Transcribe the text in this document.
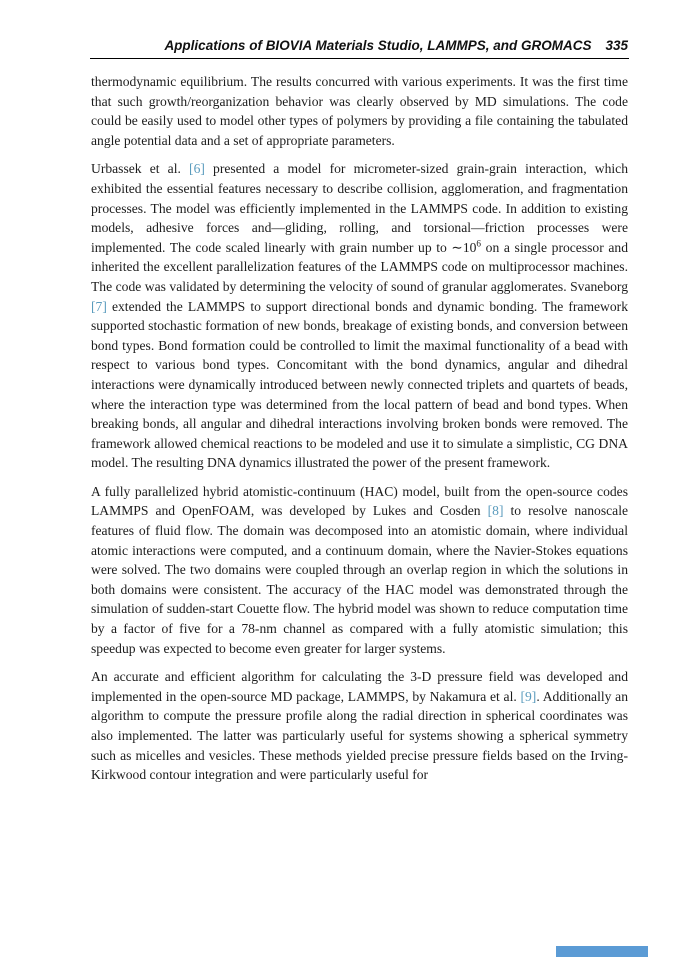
Applications of BIOVIA Materials Studio, LAMMPS, and GROMACS 335

thermodynamic equilibrium. The results concurred with various experiments. It was the first time that such growth/reorganization behavior was clearly observed by MD simulations. The code could be easily used to model other types of polymers by providing a file containing the tabulated angle potential data and a set of appropriate parameters.

Urbassek et al. [6] presented a model for micrometer-sized grain-grain interaction, which exhibited the essential features necessary to describe collision, agglomeration, and fragmentation processes. The model was efficiently implemented in the LAMMPS code. In addition to existing models, adhesive forces and—gliding, rolling, and torsional—friction processes were implemented. The code scaled linearly with grain number up to $\sim 10^6$ on a single processor and inherited the excellent parallelization features of the LAMMPS code on multiprocessor machines. The code was validated by determining the velocity of sound of granular agglomerates. Svaneborg [7] extended the LAMMPS to support directional bonds and dynamic bonding. The framework supported stochastic formation of new bonds, breakage of existing bonds, and conversion between bond types. Bond formation could be controlled to limit the maximal functionality of a bead with respect to various bond types. Concomitant with the bond dynamics, angular and dihedral interactions were dynamically introduced between newly connected triplets and quartets of beads, where the interaction type was determined from the local pattern of bead and bond types. When breaking bonds, all angular and dihedral interactions involving broken bonds were removed. The framework allowed chemical reactions to be modeled and use it to simulate a simplistic, CG DNA model. The resulting DNA dynamics illustrated the power of the present framework.

A fully parallelized hybrid atomistic-continuum (HAC) model, built from the open-source codes LAMMPS and OpenFOAM, was developed by Lukes and Cosden [8] to resolve nanoscale features of fluid flow. The domain was decomposed into an atomistic domain, where individual atomic interactions were computed, and a continuum domain, where the Navier-Stokes equations were solved. The two domains were coupled through an overlap region in which the solutions in both domains were consistent. The accuracy of the HAC model was demonstrated through the simulation of sudden-start Couette flow. The hybrid model was shown to reduce computation time by a factor of five for a 78-nm channel as compared with a fully atomistic simulation; this speedup was expected to become even greater for larger systems.

An accurate and efficient algorithm for calculating the 3-D pressure field was developed and implemented in the open-source MD package, LAMMPS, by Nakamura et al. [9]. Additionally an algorithm to compute the pressure profile along the radial direction in spherical coordinates was also implemented. The latter was particularly useful for systems showing a spherical symmetry such as micelles and vesicles. These methods yielded precise pressure fields based on the Irving-Kirkwood contour integration and were particularly useful for
